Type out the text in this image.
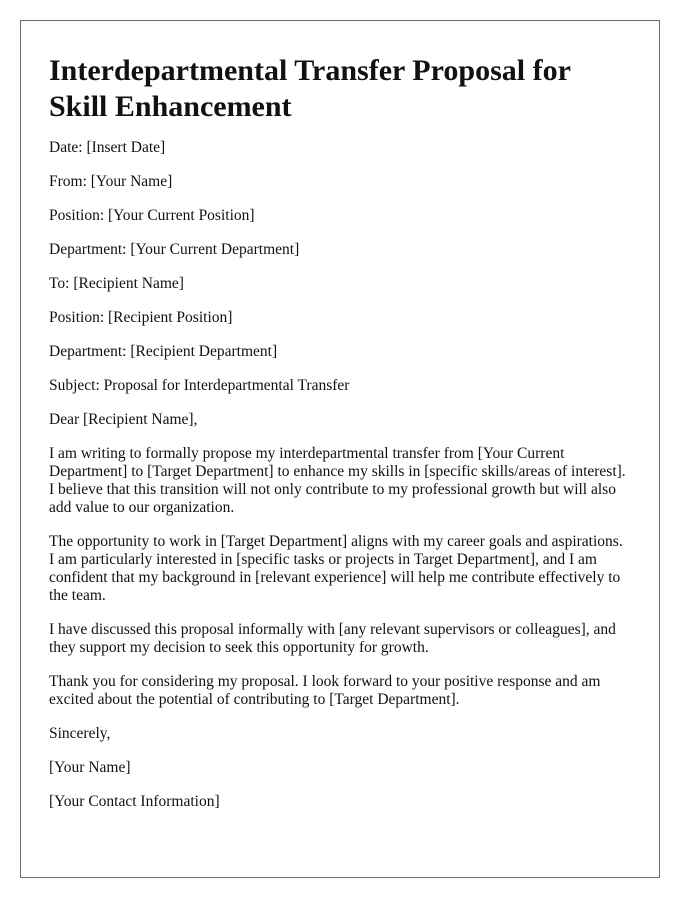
Interdepartmental Transfer Proposal for Skill Enhancement

Date: [Insert Date]

From: [Your Name]

Position: [Your Current Position]

Department: [Your Current Department]

To: [Recipient Name]

Position: [Recipient Position]

Department: [Recipient Department]

Subject: Proposal for Interdepartmental Transfer

Dear [Recipient Name],

I am writing to formally propose my interdepartmental transfer from [Your Current Department] to [Target Department] to enhance my skills in [specific skills/areas of interest]. I believe that this transition will not only contribute to my professional growth but will also add value to our organization.

The opportunity to work in [Target Department] aligns with my career goals and aspirations. I am particularly interested in [specific tasks or projects in Target Department], and I am confident that my background in [relevant experience] will help me contribute effectively to the team.

I have discussed this proposal informally with [any relevant supervisors or colleagues], and they support my decision to seek this opportunity for growth.

Thank you for considering my proposal. I look forward to your positive response and am excited about the potential of contributing to [Target Department].

Sincerely,

[Your Name]

[Your Contact Information]
